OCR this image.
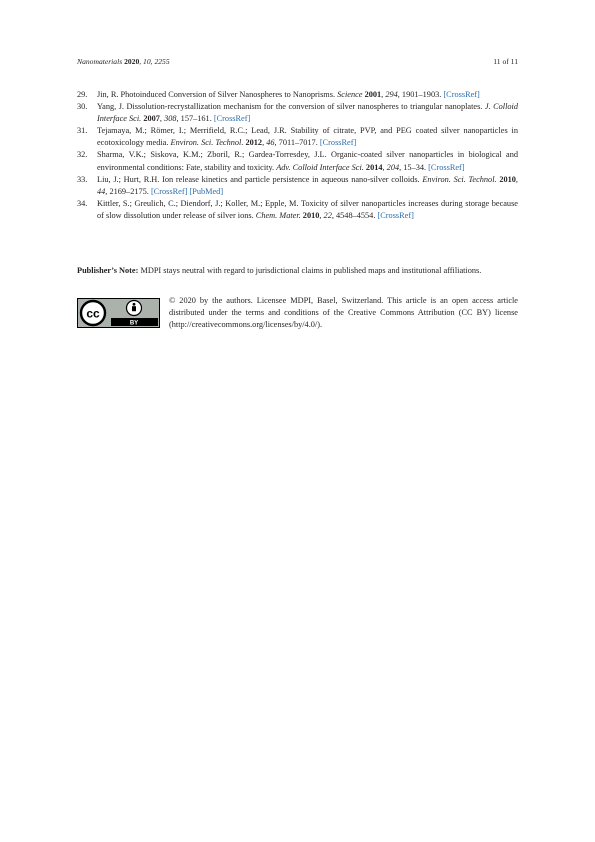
Nanomaterials 2020, 10, 2255	11 of 11
29. Jin, R. Photoinduced Conversion of Silver Nanospheres to Nanoprisms. Science 2001, 294, 1901–1903. [CrossRef]
30. Yang, J. Dissolution-recrystallization mechanism for the conversion of silver nanospheres to triangular nanoplates. J. Colloid Interface Sci. 2007, 308, 157–161. [CrossRef]
31. Tejamaya, M.; Römer, I.; Merrifield, R.C.; Lead, J.R. Stability of citrate, PVP, and PEG coated silver nanoparticles in ecotoxicology media. Environ. Sci. Technol. 2012, 46, 7011–7017. [CrossRef]
32. Sharma, V.K.; Siskova, K.M.; Zboril, R.; Gardea-Torresdey, J.L. Organic-coated silver nanoparticles in biological and environmental conditions: Fate, stability and toxicity. Adv. Colloid Interface Sci. 2014, 204, 15–34. [CrossRef]
33. Liu, J.; Hurt, R.H. Ion release kinetics and particle persistence in aqueous nano-silver colloids. Environ. Sci. Technol. 2010, 44, 2169–2175. [CrossRef] [PubMed]
34. Kittler, S.; Greulich, C.; Diendorf, J.; Koller, M.; Epple, M. Toxicity of silver nanoparticles increases during storage because of slow dissolution under release of silver ions. Chem. Mater. 2010, 22, 4548–4554. [CrossRef]
Publisher’s Note: MDPI stays neutral with regard to jurisdictional claims in published maps and institutional affiliations.
cc
BY
© 2020 by the authors. Licensee MDPI, Basel, Switzerland. This article is an open access article distributed under the terms and conditions of the Creative Commons Attribution (CC BY) license (http://creativecommons.org/licenses/by/4.0/).
